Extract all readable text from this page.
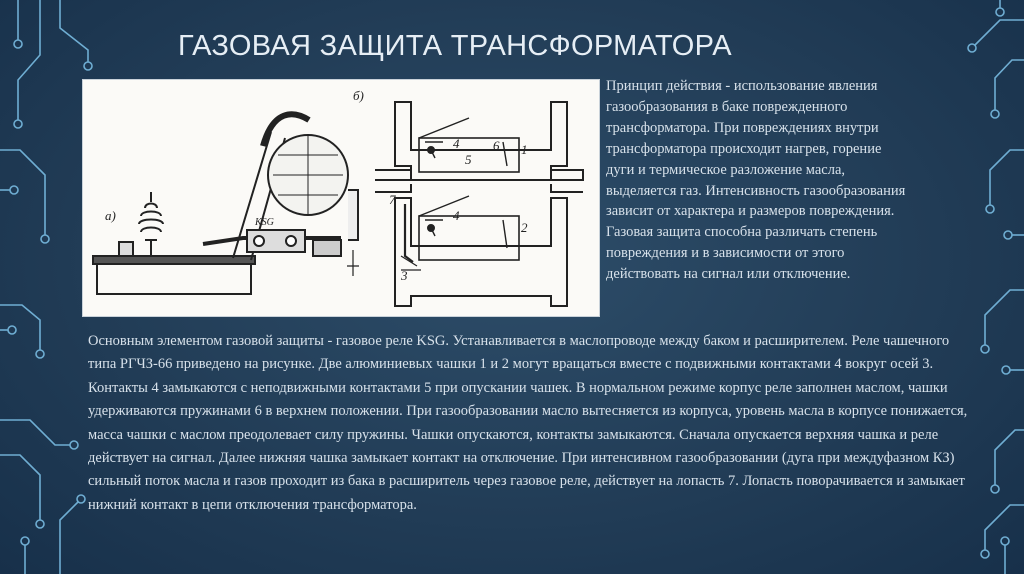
ГАЗОВАЯ ЗАЩИТА ТРАНСФОРМАТОРА
а)
б)
KSG
1
2
3
4
4
5
6
7

Принцип действия - использование явления газообразования в баке поврежденного трансформатора. При повреждениях внутри трансформатора происходит нагрев, горение дуги и термическое разложение масла, выделяется газ. Интенсивность газообразования зависит от характера и размеров повреждения. Газовая защита способна различать степень повреждения и в зависимости от этого действовать на сигнал или отключение.

Основным элементом газовой защиты - газовое реле KSG. Устанавливается в маслопроводе между баком и расширителем. Реле чашечного типа РГЧЗ-66 приведено на рисунке. Две алюминиевых чашки 1 и 2 могут вращаться вместе с подвижными контактами 4 вокруг осей 3. Контакты 4 замыкаются с неподвижными контактами 5 при опускании чашек. В нормальном режиме корпус реле заполнен маслом, чашки удерживаются пружинами 6 в верхнем положении. При газообразовании масло вытесняется из корпуса, уровень масла в корпусе понижается, масса чашки с маслом преодолевает силу пружины. Чашки опускаются, контакты замыкаются. Сначала опускается верхняя чашка и реле действует на сигнал. Далее нижняя чашка замыкает контакт на отключение. При интенсивном газообразовании (дуга при междуфазном КЗ) сильный поток масла и газов проходит из бака в расширитель через газовое реле, действует на лопасть 7. Лопасть поворачивается и замыкает нижний контакт в цепи отключения трансформатора.
